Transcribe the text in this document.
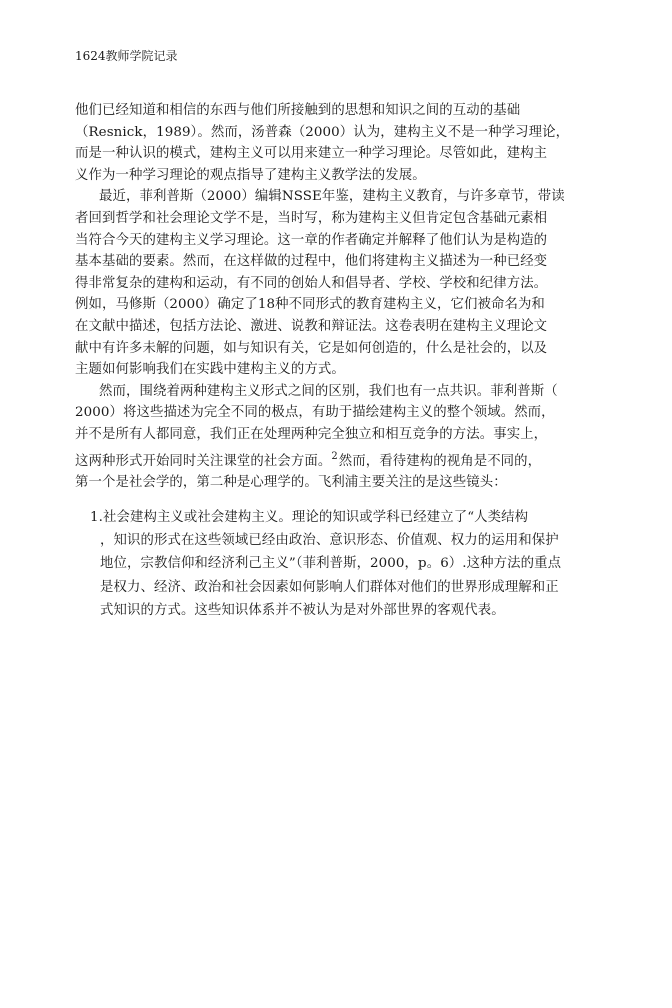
1624教师学院记录
他们已经知道和相信的东西与他们所接触到的思想和知识之间的互动的基础
（Resnick，1989）。然而，汤普森（2000）认为，建构主义不是一种学习理论，
而是一种认识的模式，建构主义可以用来建立一种学习理论。尽管如此，建构主
义作为一种学习理论的观点指导了建构主义教学法的发展。
最近，菲利普斯（2000）编辑NSSE年鉴，建构主义教育，与许多章节，带读
者回到哲学和社会理论文学不是，当时写，称为建构主义但肯定包含基础元素相
当符合今天的建构主义学习理论。这一章的作者确定并解释了他们认为是构造的
基本基础的要素。然而，在这样做的过程中，他们将建构主义描述为一种已经变
得非常复杂的建构和运动，有不同的创始人和倡导者、学校、学校和纪律方法。
例如，马修斯（2000）确定了18种不同形式的教育建构主义，它们被命名为和
在文献中描述，包括方法论、激进、说教和辩证法。这卷表明在建构主义理论文
献中有许多未解的问题，如与知识有关，它是如何创造的，什么是社会的，以及
主题如何影响我们在实践中建构主义的方式。
然而，围绕着两种建构主义形式之间的区别，我们也有一点共识。菲利普斯（
2000）将这些描述为完全不同的极点，有助于描绘建构主义的整个领域。然而，
并不是所有人都同意，我们正在处理两种完全独立和相互竞争的方法。事实上，
这两种形式开始同时关注课堂的社会方面。$^2$然而，看待建构的视角是不同的，
第一个是社会学的，第二种是心理学的。飞利浦主要关注的是这些镜头：
1.社会建构主义或社会建构主义。理论的知识或学科已经建立了“人类结构
，知识的形式在这些领域已经由政治、意识形态、价值观、权力的运用和保护
地位，宗教信仰和经济利己主义”（菲利普斯，2000，p。6）.这种方法的重点
是权力、经济、政治和社会因素如何影响人们群体对他们的世界形成理解和正
式知识的方式。这些知识体系并不被认为是对外部世界的客观代表。
